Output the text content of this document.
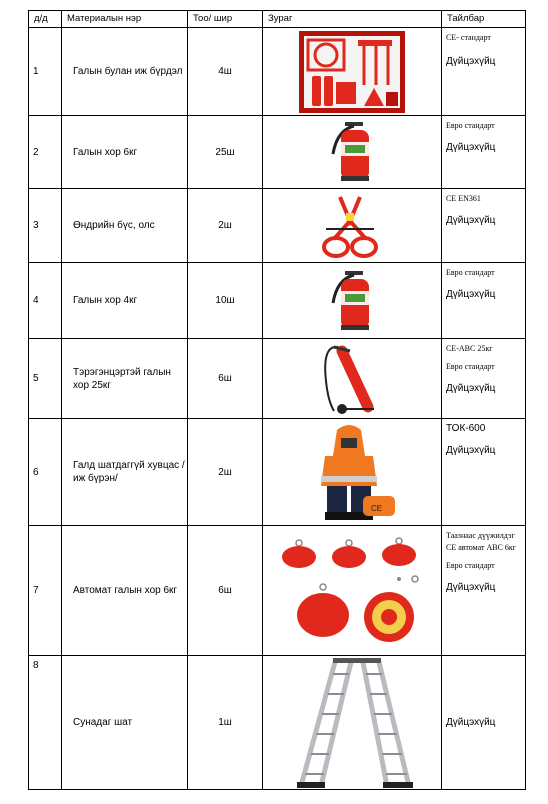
д/д	Материалын нэр	Тоо/ шир	Зураг	Тайлбар
1	Галын булан иж бүрдэл	4ш		CE- стандарт
Дүйцэхүйц

2	Галын хор 6кг	25ш		Евро стандарт
Дүйцэхүйц

3	Өндрийн бүс, олс	2ш		CE EN361
Дүйцэхүйц

4	Галын хор 4кг	10ш		Евро стандарт
Дүйцэхүйц

5	Тэрэгэнцэртэй галын хор 25кг	6ш		CE-ABC 25кг
Евро стандарт
Дүйцэхүйц

6	Галд шатдаггүй хувцас / иж бүрэн/	2ш	CE	ТОК-600
Дүйцэхүйц

7	Автомат галын хор 6кг	6ш		Таазнаас дүүжилдэг CE автомат ABC 6кг
Евро стандарт
Дүйцэхүйц

8	Сунадаг шат	1ш		Дүйцэхүйц
